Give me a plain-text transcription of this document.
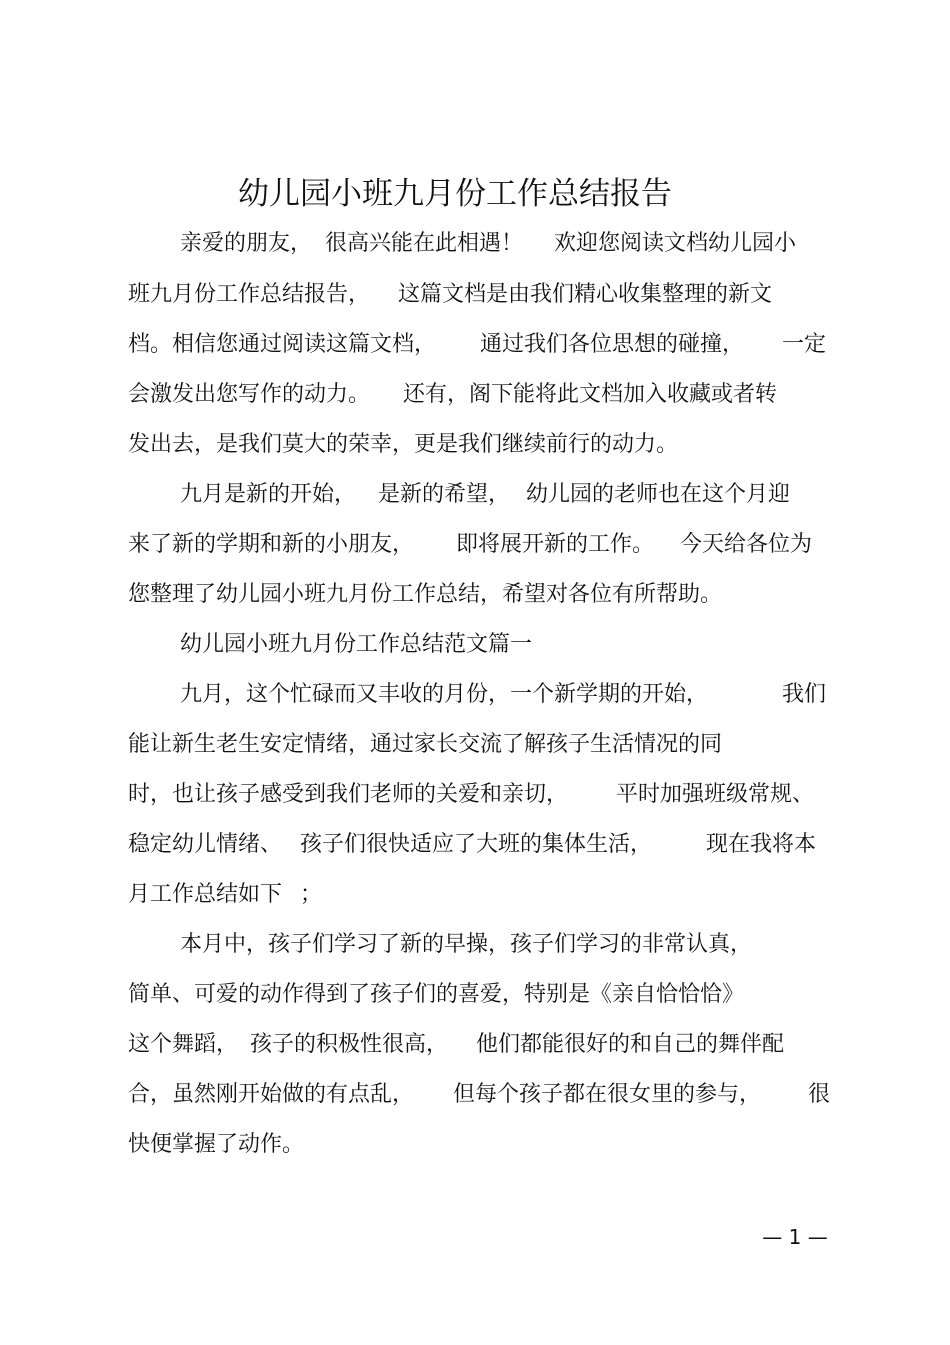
幼儿园小班九月份工作总结报告
亲爱的朋友， 很高兴能在此相遇！ 欢迎您阅读文档幼儿园小
班九月份工作总结报告， 这篇文档是由我们精心收集整理的新文
档。相信您通过阅读这篇文档， 通过我们各位思想的碰撞， 一定
会激发出您写作的动力。 还有，阁下能将此文档加入收藏或者转
发出去，是我们莫大的荣幸，更是我们继续前行的动力。
九月是新的开始， 是新的希望， 幼儿园的老师也在这个月迎
来了新的学期和新的小朋友， 即将展开新的工作。 今天给各位为
您整理了幼儿园小班九月份工作总结，希望对各位有所帮助。
幼儿园小班九月份工作总结范文篇一
九月，这个忙碌而又丰收的月份，一个新学期的开始，	我们
能让新生老生安定情绪，通过家长交流了解孩子生活情况的同
时，也让孩子感受到我们老师的关爱和亲切， 平时加强班级常规、
稳定幼儿情绪、 孩子们很快适应了大班的集体生活， 现在我将本
月工作总结如下 ；
本月中，孩子们学习了新的早操，孩子们学习的非常认真，
简单、可爱的动作得到了孩子们的喜爱，特别是《亲自恰恰恰》
这个舞蹈， 孩子的积极性很高， 他们都能很好的和自己的舞伴配
合，虽然刚开始做的有点乱， 但每个孩子都在很女里的参与， 很
快便掌握了动作。
— 1 —
